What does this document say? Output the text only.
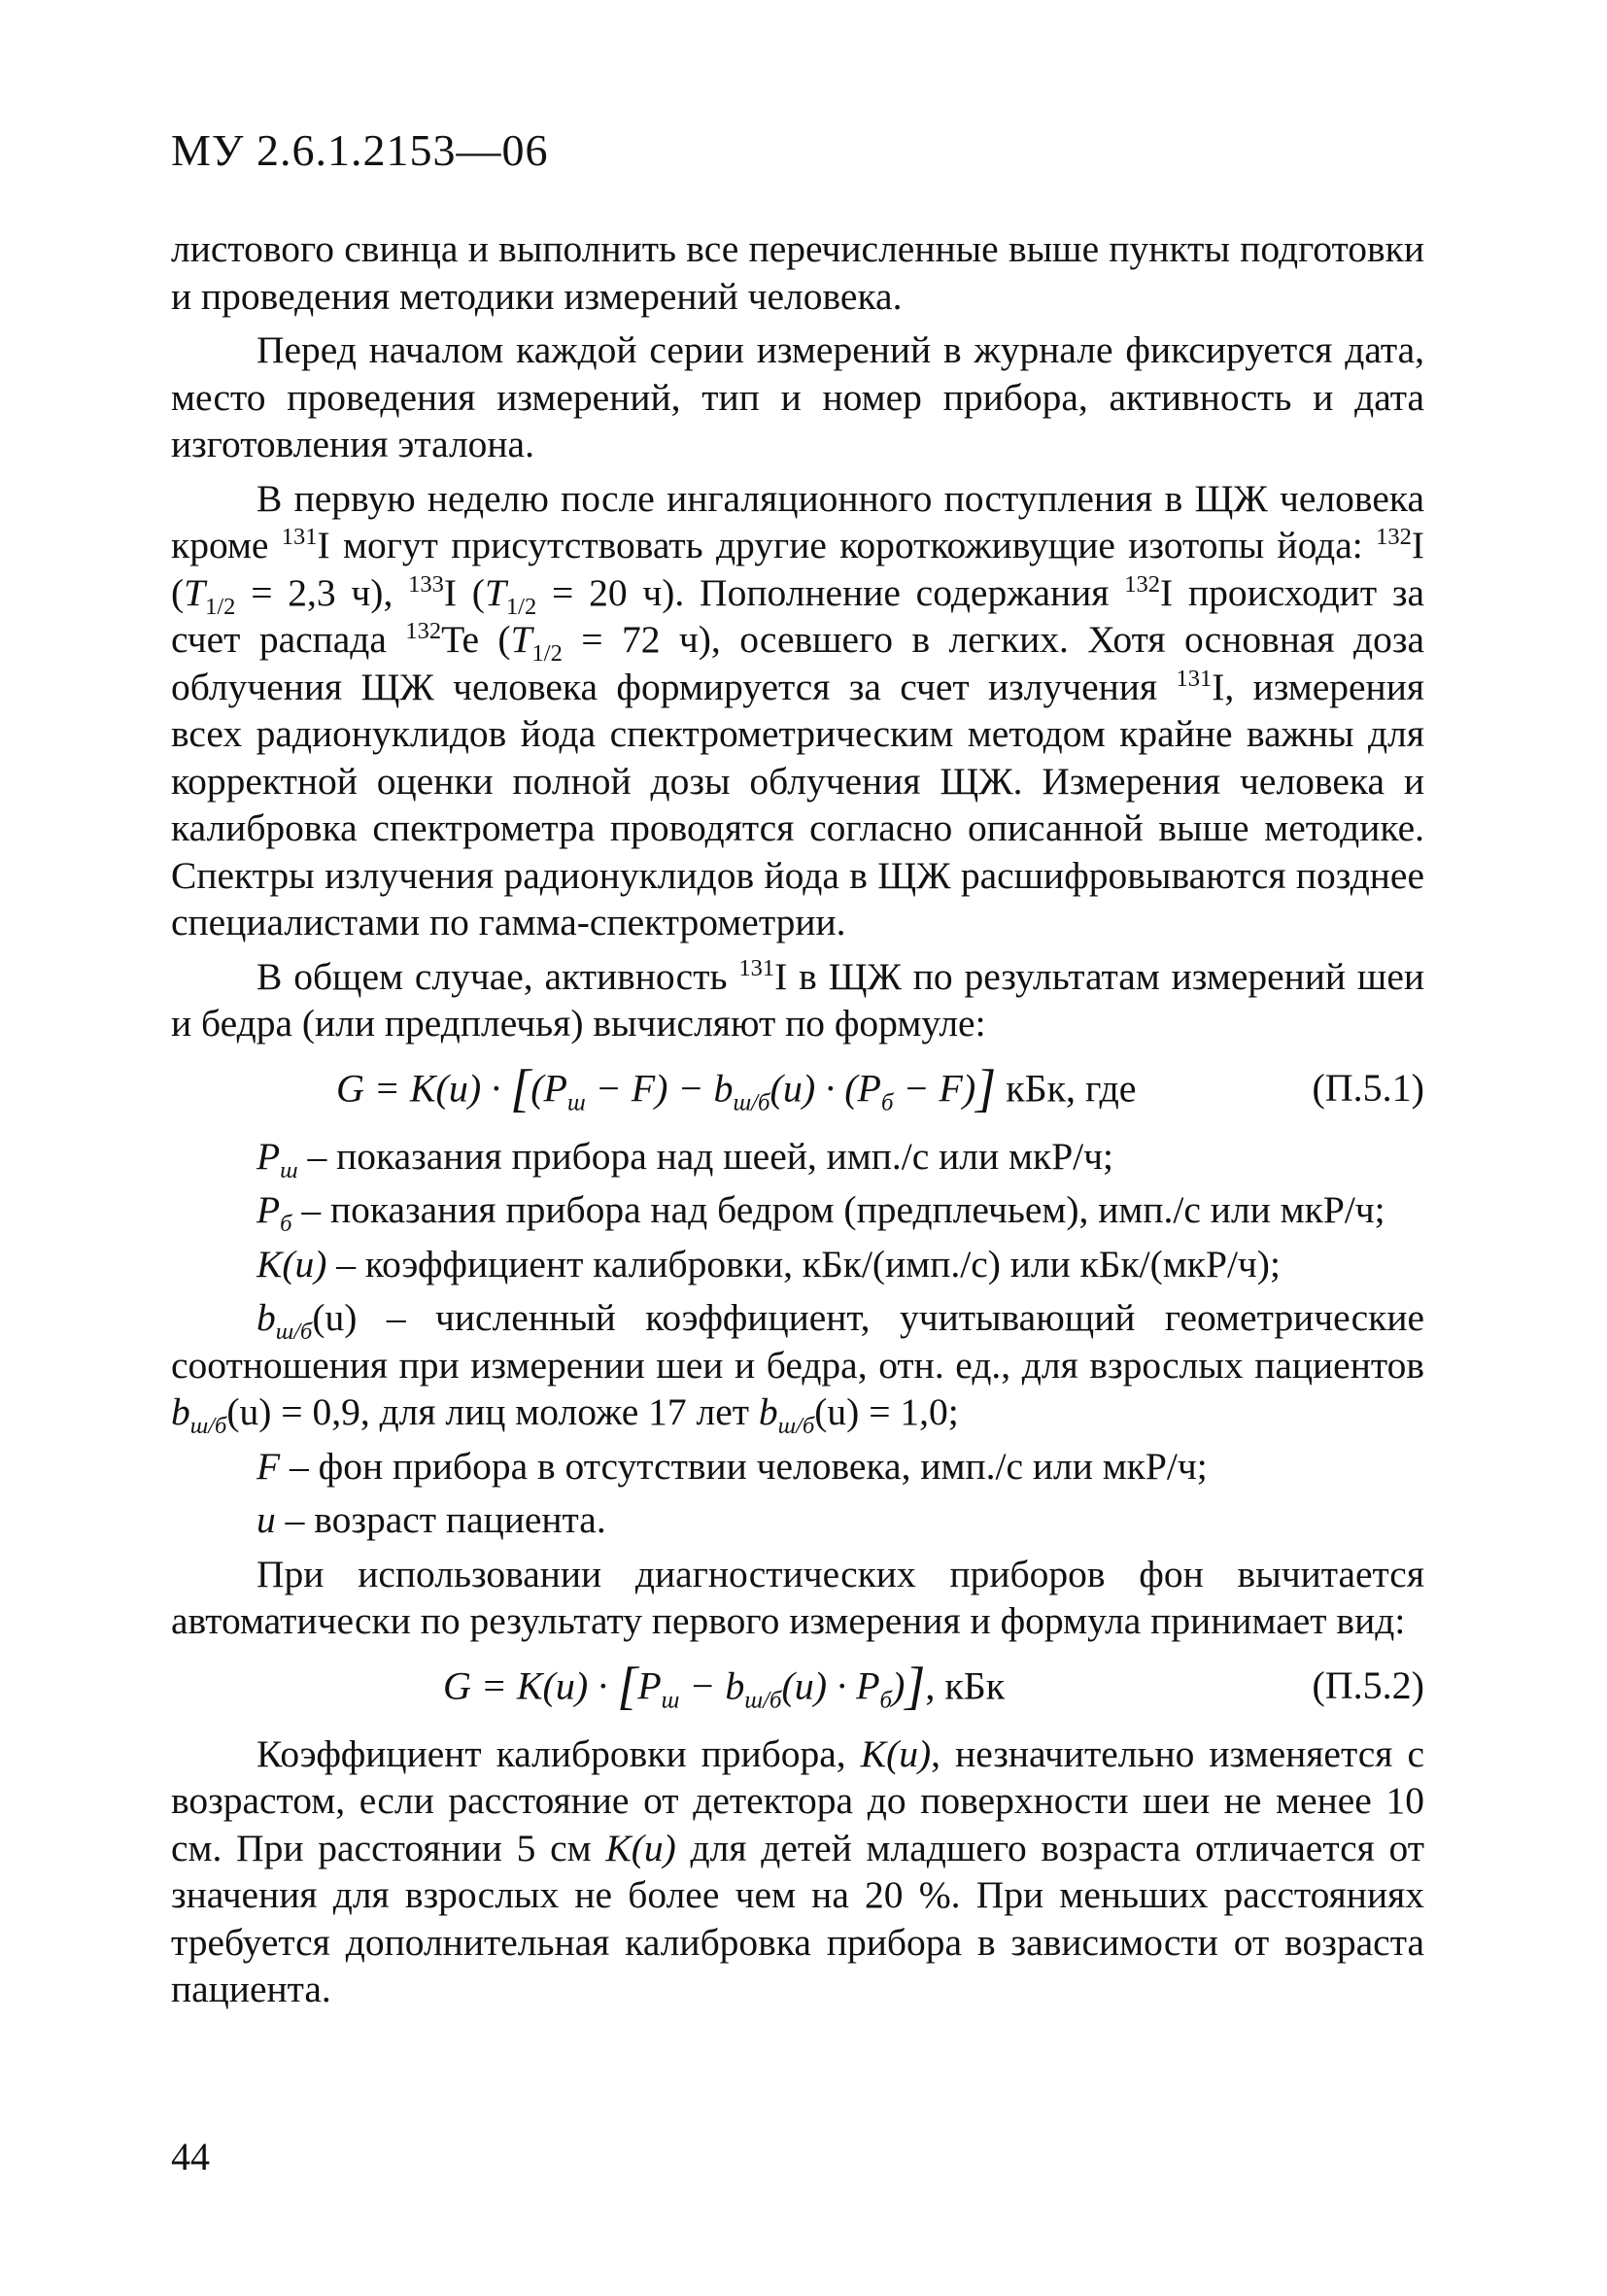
МУ 2.6.1.2153—06

листового свинца и выполнить все перечисленные выше пункты подготовки и проведения методики измерений человека.

Перед началом каждой серии измерений в журнале фиксируется дата, место проведения измерений, тип и номер прибора, активность и дата изготовления эталона.

В первую неделю после ингаляционного поступления в ЩЖ человека кроме $^{131}$I могут присутствовать другие короткоживущие изотопы йода: $^{132}$I ($T_{1/2} = 2,3$ ч), $^{133}$I ($T_{1/2} = 20$ ч). Пополнение содержания $^{132}$I происходит за счет распада $^{132}$Te ($T_{1/2} = 72$ ч), осевшего в легких. Хотя основная доза облучения ЩЖ человека формируется за счет излучения $^{131}$I, измерения всех радионуклидов йода спектрометрическим методом крайне важны для корректной оценки полной дозы облучения ЩЖ. Измерения человека и калибровка спектрометра проводятся согласно описанной выше методике. Спектры излучения радионуклидов йода в ЩЖ расшифровываются позднее специалистами по гамма-спектрометрии.

В общем случае, активность $^{131}$I в ЩЖ по результатам измерений шеи и бедра (или предплечья) вычисляют по формуле:

$G = K(u) \cdot [(P_ш - F) - b_{ш/б}(u) \cdot (P_б - F)]$ кБк, где	(П.5.1)

$P_ш$ – показания прибора над шеей, имп./с или мкР/ч;

$P_б$ – показания прибора над бедром (предплечьем), имп./с или мкР/ч;

K(u) – коэффициент калибровки, кБк/(имп./с) или кБк/(мкР/ч);

$b_{ш/б}(u)$ – численный коэффициент, учитывающий геометрические соотношения при измерении шеи и бедра, отн. ед., для взрослых пациентов $b_{ш/б}(u) = 0,9$, для лиц моложе 17 лет $b_{ш/б}(u) = 1,0$;

F – фон прибора в отсутствии человека, имп./с или мкР/ч;

u – возраст пациента.

При использовании диагностических приборов фон вычитается автоматически по результату первого измерения и формула принимает вид:

$G = K(u) \cdot [P_ш - b_{ш/б}(u) \cdot P_б)$], кБк	(П.5.2)

Коэффициент калибровки прибора, K(u), незначительно изменяется с возрастом, если расстояние от детектора до поверхности шеи не менее 10 см. При расстоянии 5 см K(u) для детей младшего возраста отличается от значения для взрослых не более чем на 20 %. При меньших расстояниях требуется дополнительная калибровка прибора в зависимости от возраста пациента.

44
